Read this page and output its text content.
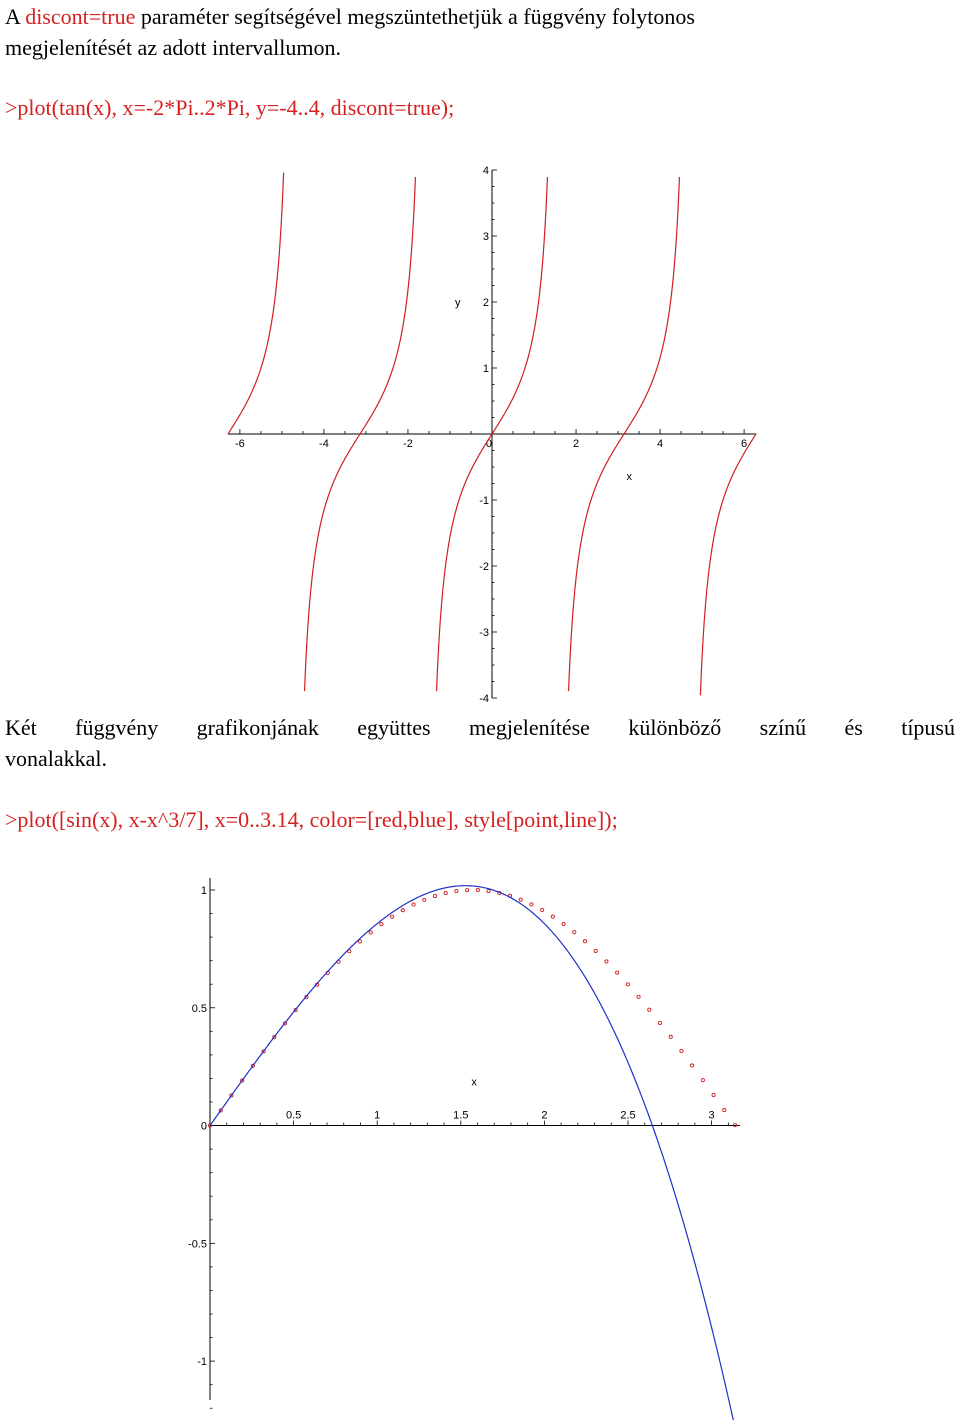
A discont=true paraméter segítségével megszüntethetjük a függvény folytonos

megjelenítését az adott intervallumon.

>plot(tan(x), x=-2*Pi..2*Pi, y=-4..4, discont=true);

-6	-4	-2	0	2	4	6
4
3
2
1
-1
-2
-3
-4
x
y

Két függvény grafikonjának együttes megjelenítése különböző színű és típusú

vonalakkal.

>plot([sin(x), x-x^3/7], x=0..3.14, color=[red,blue], style[point,line]);

0.5	1	1.5	2	2.5	3
1
0.5
0
-0.5
-1
x
